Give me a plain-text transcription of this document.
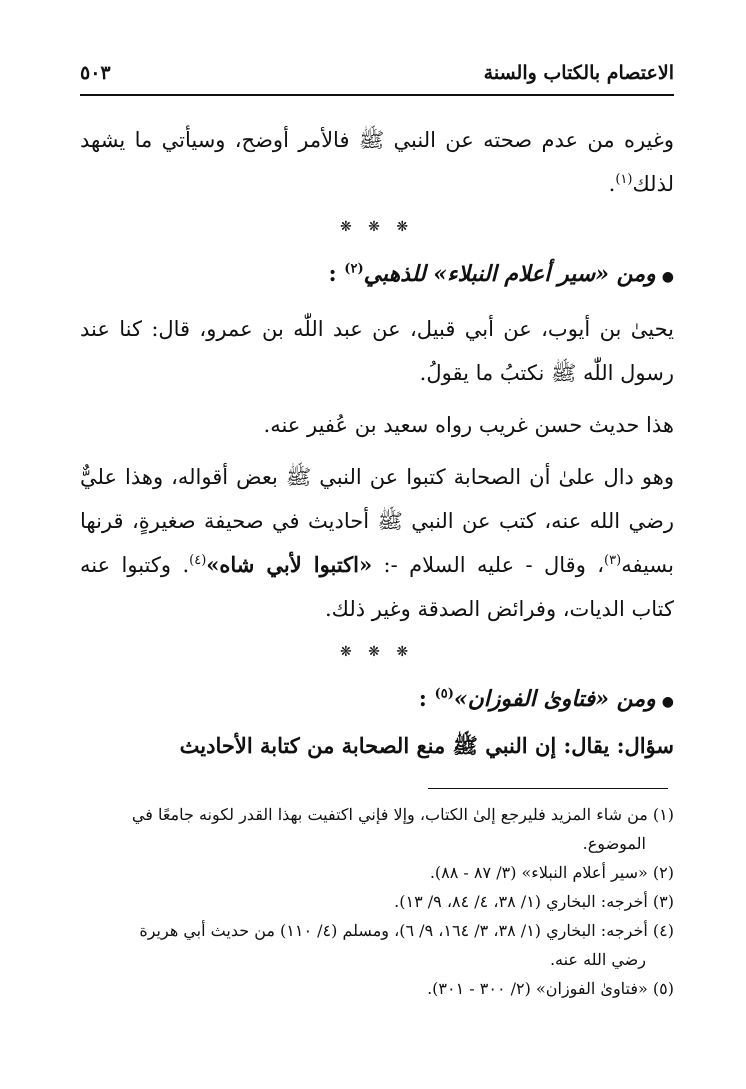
الاعتصام بالكتاب والسنة
٥٠٣

وغيره من عدم صحته عن النبي ﷺ فالأمر أوضح، وسيأتي ما يشهد لذلك$^{(١)}$.

❋ ❋ ❋

●ومن «سير أعلام النبلاء» للذهبي$^{(٢)}$ :

يحيىٰ بن أيوب، عن أبي قبيل، عن عبد اللّٰه بن عمرو، قال: كنا عند رسول اللّٰه ﷺ نكتبُ ما يقولُ.

هذا حديث حسن غريب رواه سعيد بن عُفير عنه.

وهو دال علىٰ أن الصحابة كتبوا عن النبي ﷺ بعض أقواله، وهذا عليٌّ رضي الله عنه، كتب عن النبي ﷺ أحاديث في صحيفة صغيرةٍ، قرنها بسيفه$^{(٣)}$، وقال - عليه السلام -: «اكتبوا لأبي شاه»$^{(٤)}$. وكتبوا عنه كتاب الديات، وفرائض الصدقة وغير ذلك.

❋ ❋ ❋

●ومن «فتاوىٰ الفوزان»$^{(٥)}$ :

سؤال: يقال: إن النبي ﷺ منع الصحابة من كتابة الأحاديث

(١) من شاء المزيد فليرجع إلىٰ الكتاب، وإلا فإني اكتفيت بهذا القدر لكونه جامعًا في

الموضوع.

(٢) «سير أعلام النبلاء» (٣/ ٨٧ - ٨٨).

(٣) أخرجه: البخاري (١/ ٣٨، ٤/ ٨٤، ٩/ ١٣).

(٤) أخرجه: البخاري (١/ ٣٨، ٣/ ١٦٤، ٩/ ٦)، ومسلم (٤/ ١١٠) من حديث أبي هريرة

رضي الله عنه.

(٥) «فتاوىٰ الفوزان» (٢/ ٣٠٠ - ٣٠١).
